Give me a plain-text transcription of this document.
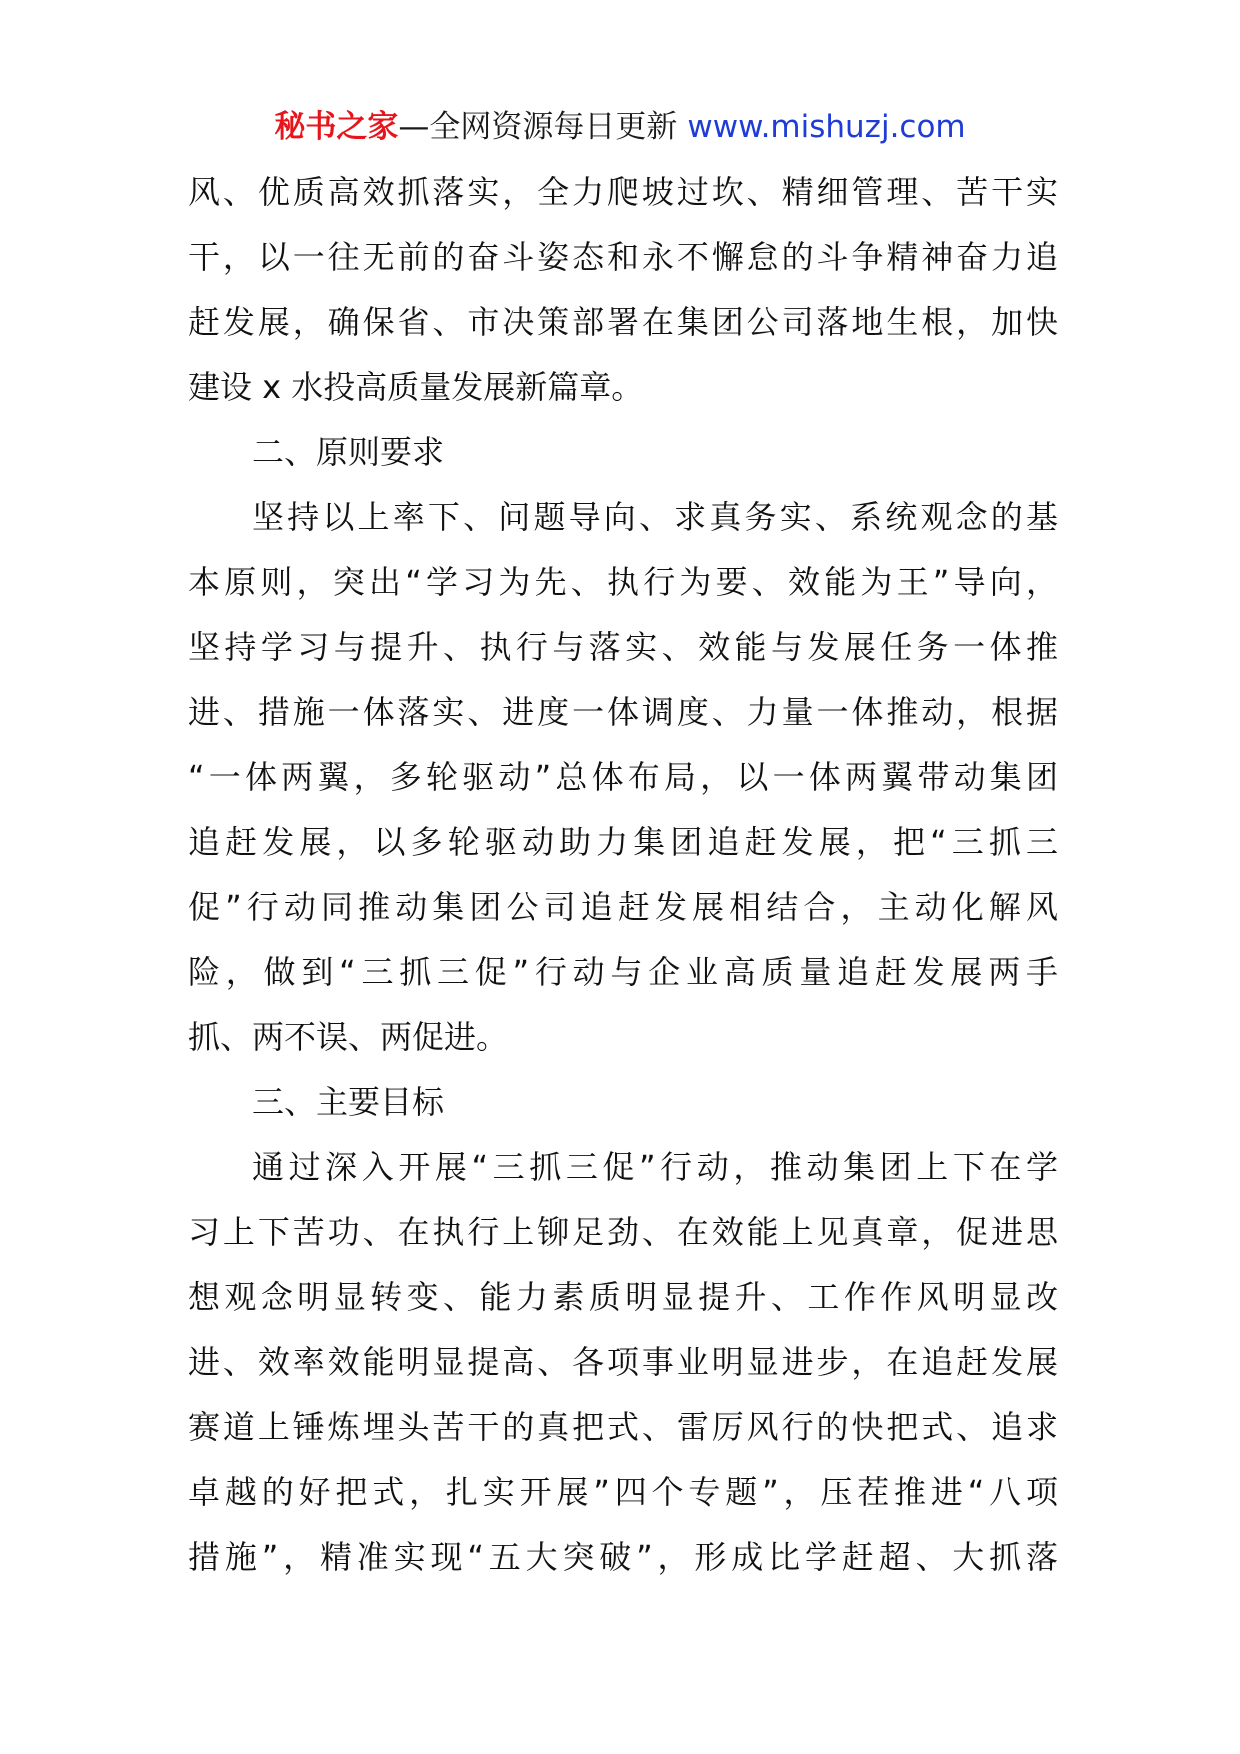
秘书之家—全网资源每日更新 www.mishuzj.com
风、优质高效抓落实，全力爬坡过坎、精细管理、苦干实
干，以一往无前的奋斗姿态和永不懈怠的斗争精神奋力追
赶发展，确保省、市决策部署在集团公司落地生根，加快
建设 x 水投高质量发展新篇章。
二、原则要求
坚持以上率下、问题导向、求真务实、系统观念的基
本原则，突出“学习为先、执行为要、效能为王”导向，
坚持学习与提升、执行与落实、效能与发展任务一体推
进、措施一体落实、进度一体调度、力量一体推动，根据
“一体两翼，多轮驱动”总体布局，以一体两翼带动集团
追赶发展，以多轮驱动助力集团追赶发展，把“三抓三
促”行动同推动集团公司追赶发展相结合，主动化解风
险，做到“三抓三促”行动与企业高质量追赶发展两手
抓、两不误、两促进。
三、主要目标
通过深入开展“三抓三促”行动，推动集团上下在学
习上下苦功、在执行上铆足劲、在效能上见真章，促进思
想观念明显转变、能力素质明显提升、工作作风明显改
进、效率效能明显提高、各项事业明显进步，在追赶发展
赛道上锤炼埋头苦干的真把式、雷厉风行的快把式、追求
卓越的好把式，扎实开展”四个专题”，压茬推进“八项
措施”，精准实现“五大突破”，形成比学赶超、大抓落
